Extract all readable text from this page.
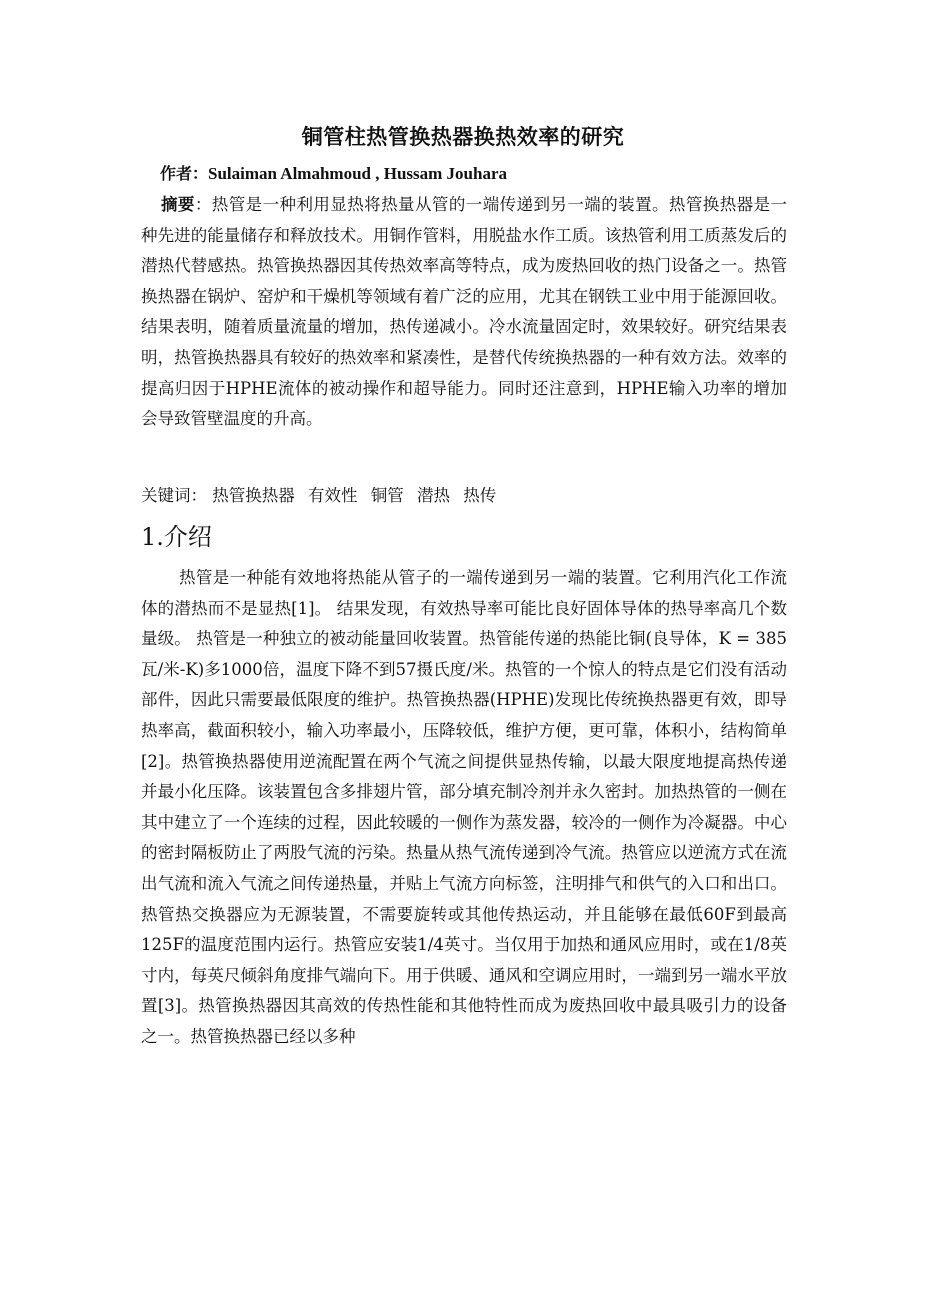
铜管柱热管换热器换热效率的研究
作者：Sulaiman Almahmoud , Hussam Jouhara
摘要：热管是一种利用显热将热量从管的一端传递到另一端的装置。热管换热器是一种先进的能量储存和释放技术。用铜作管料，用脱盐水作工质。该热管利用工质蒸发后的潜热代替感热。热管换热器因其传热效率高等特点，成为废热回收的热门设备之一。热管换热器在锅炉、窑炉和干燥机等领域有着广泛的应用，尤其在钢铁工业中用于能源回收。结果表明，随着质量流量的增加，热传递减小。冷水流量固定时，效果较好。研究结果表明，热管换热器具有较好的热效率和紧凑性，是替代传统换热器的一种有效方法。效率的提高归因于HPHE流体的被动操作和超导能力。同时还注意到，HPHE输入功率的增加会导致管壁温度的升高。
关键词： 热管换热器 有效性 铜管 潜热 热传
1.介绍
热管是一种能有效地将热能从管子的一端传递到另一端的装置。它利用汽化工作流体的潜热而不是显热[1]。 结果发现，有效热导率可能比良好固体导体的热导率高几个数量级。 热管是一种独立的被动能量回收装置。热管能传递的热能比铜(良导体，K = 385 瓦/米-K)多1000倍，温度下降不到57摄氏度/米。热管的一个惊人的特点是它们没有活动部件，因此只需要最低限度的维护。热管换热器(HPHE)发现比传统换热器更有效，即导热率高，截面积较小，输入功率最小，压降较低，维护方便，更可靠，体积小，结构简单[2]。热管换热器使用逆流配置在两个气流之间提供显热传输，以最大限度地提高热传递并最小化压降。该装置包含多排翅片管，部分填充制冷剂并永久密封。加热热管的一侧在其中建立了一个连续的过程，因此较暖的一侧作为蒸发器，较冷的一侧作为冷凝器。中心的密封隔板防止了两股气流的污染。热量从热气流传递到冷气流。热管应以逆流方式在流出气流和流入气流之间传递热量，并贴上气流方向标签，注明排气和供气的入口和出口。热管热交换器应为无源装置，不需要旋转或其他传热运动，并且能够在最低60F到最高125F的温度范围内运行。热管应安装1/4英寸。当仅用于加热和通风应用时，或在1/8英寸内，每英尺倾斜角度排气端向下。用于供暖、通风和空调应用时，一端到另一端水平放置[3]。热管换热器因其高效的传热性能和其他特性而成为废热回收中最具吸引力的设备之一。热管换热器已经以多种
